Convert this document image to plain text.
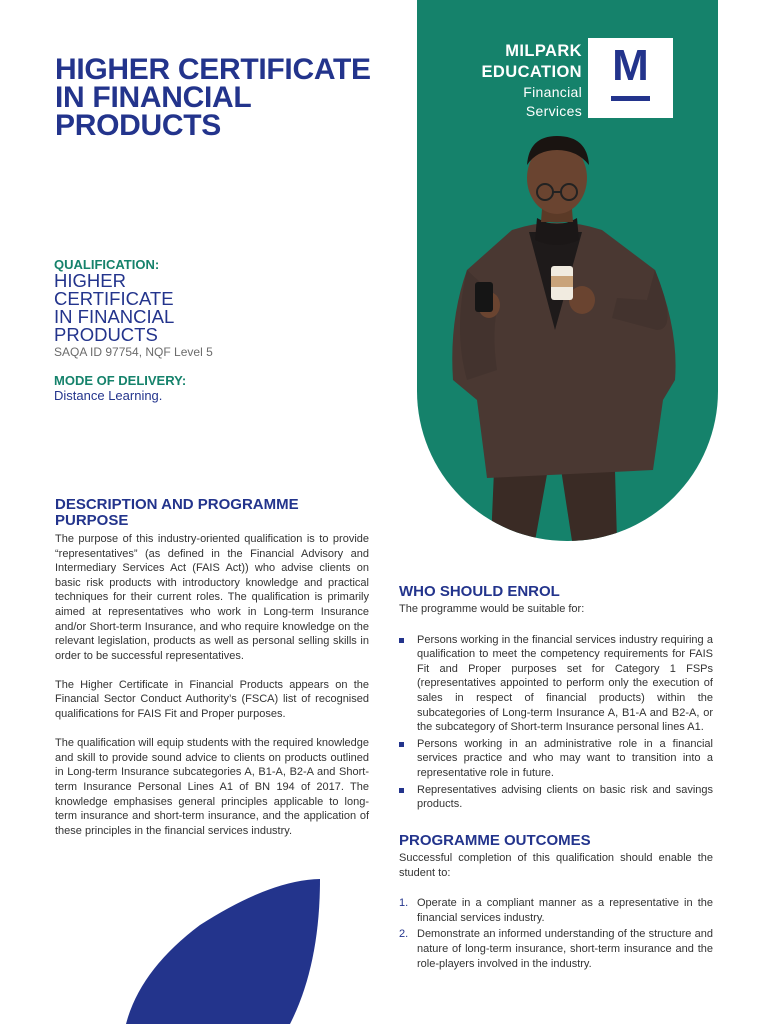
HIGHER CERTIFICATE IN FINANCIAL PRODUCTS

QUALIFICATION:

HIGHER

CERTIFICATE

IN FINANCIAL

PRODUCTS

SAQA ID 97754, NQF Level 5

MODE OF DELIVERY:

Distance Learning.

DESCRIPTION AND PROGRAMME PURPOSE

The purpose of this industry-oriented qualification is to provide “representatives” (as defined in the Financial Advisory and Intermediary Services Act (FAIS Act)) who advise clients on basic risk products with introductory knowledge and practical techniques for their current roles. The qualification is primarily aimed at representatives who work in Long-term Insurance and/or Short-term Insurance, and who require knowledge on the relevant legislation, products as well as personal selling skills in order to be successful representatives.

The Higher Certificate in Financial Products appears on the Financial Sector Conduct Authority’s (FSCA) list of recognised qualifications for FAIS Fit and Proper purposes.

The qualification will equip students with the required knowledge and skill to provide sound advice to clients on products outlined in Long-term Insurance subcategories A, B1-A, B2-A and Short-term Insurance Personal Lines A1 of BN 194 of 2017. The knowledge emphasises general principles applicable to long-term insurance and short-term insurance, and the application of these principles in the financial services industry.

MILPARK
EDUCATION
Financial
Services
M
WHO SHOULD ENROL

The programme would be suitable for:

Persons working in the financial services industry requiring a qualification to meet the competency requirements for FAIS Fit and Proper purposes set for Category 1 FSPs (representatives appointed to perform only the execution of sales in respect of financial products) within the subcategories of Long-term Insurance A, B1-A and B2-A, or the subcategory of Short-term Insurance personal lines A1.
Persons working in an administrative role in a financial services practice and who may want to transition into a representative role in future.
Representatives advising clients on basic risk and savings products.
PROGRAMME OUTCOMES

Successful completion of this qualification should enable the student to:

1. Operate in a compliant manner as a representative in the financial services industry.
2. Demonstrate an informed understanding of the structure and nature of long-term insurance, short-term insurance and the role-players involved in the industry.
